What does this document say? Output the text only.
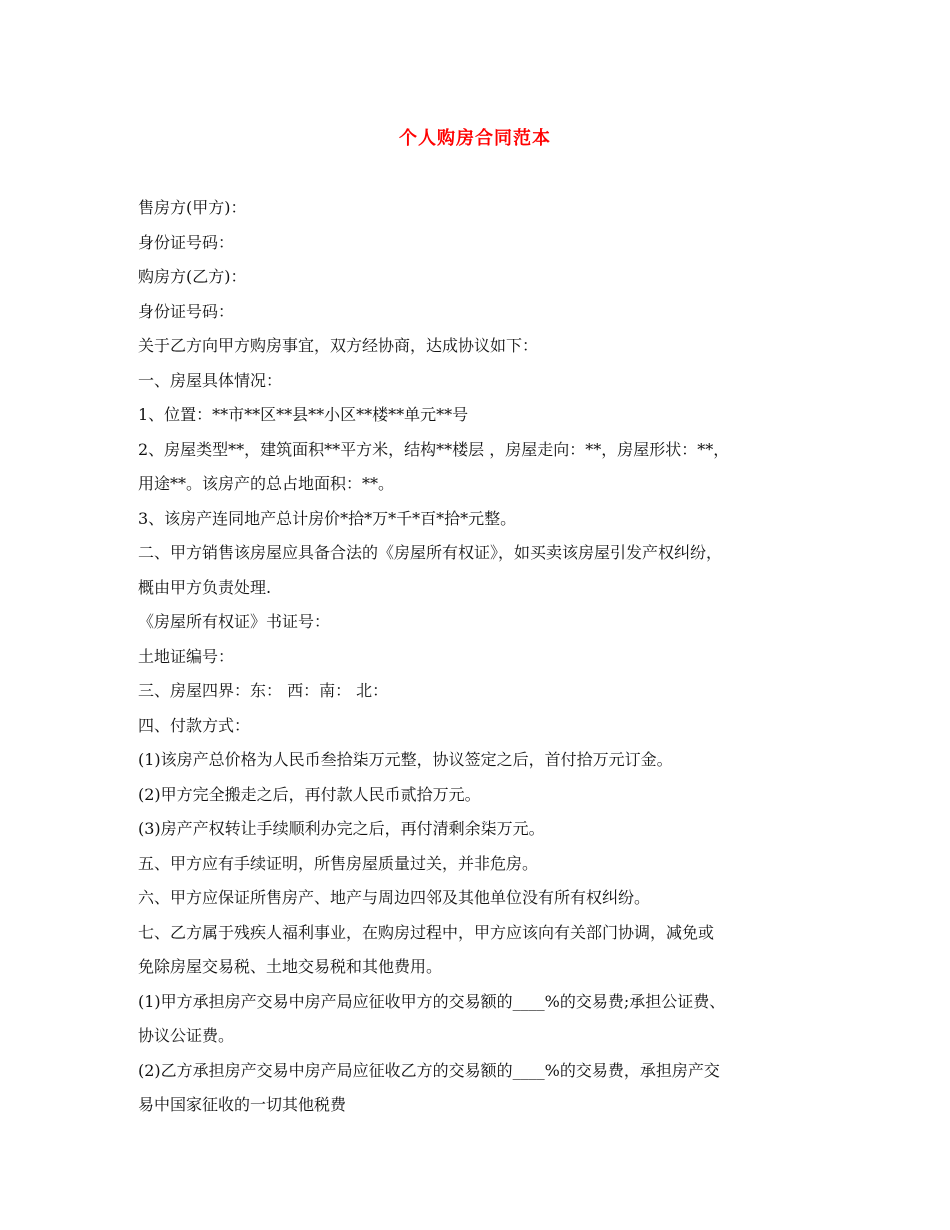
个人购房合同范本
售房方(甲方)：
身份证号码：
购房方(乙方)：
身份证号码：
关于乙方向甲方购房事宜，双方经协商，达成协议如下：
一、房屋具体情况：
1、位置：**市**区**县**小区**楼**单元**号
2、房屋类型**，建筑面积**平方米，结构**楼层 ，房屋走向：**，房屋形状：**，
用途**。该房产的总占地面积：**。
3、该房产连同地产总计房价*拾*万*千*百*拾*元整。
二、甲方销售该房屋应具备合法的《房屋所有权证》，如买卖该房屋引发产权纠纷，
概由甲方负责处理.
《房屋所有权证》书证号：
土地证编号：
三、房屋四界：东： 西：南： 北：
四、付款方式：
(1)该房产总价格为人民币叁拾柒万元整，协议签定之后，首付拾万元订金。
(2)甲方完全搬走之后，再付款人民币贰拾万元。
(3)房产产权转让手续顺利办完之后，再付清剩余柒万元。
五、甲方应有手续证明，所售房屋质量过关，并非危房。
六、甲方应保证所售房产、地产与周边四邻及其他单位没有所有权纠纷。
七、乙方属于残疾人福利事业，在购房过程中，甲方应该向有关部门协调，减免或
免除房屋交易税、土地交易税和其他费用。
(1)甲方承担房产交易中房产局应征收甲方的交易额的____%的交易费;承担公证费、
协议公证费。
(2)乙方承担房产交易中房产局应征收乙方的交易额的____%的交易费，承担房产交
易中国家征收的一切其他税费
